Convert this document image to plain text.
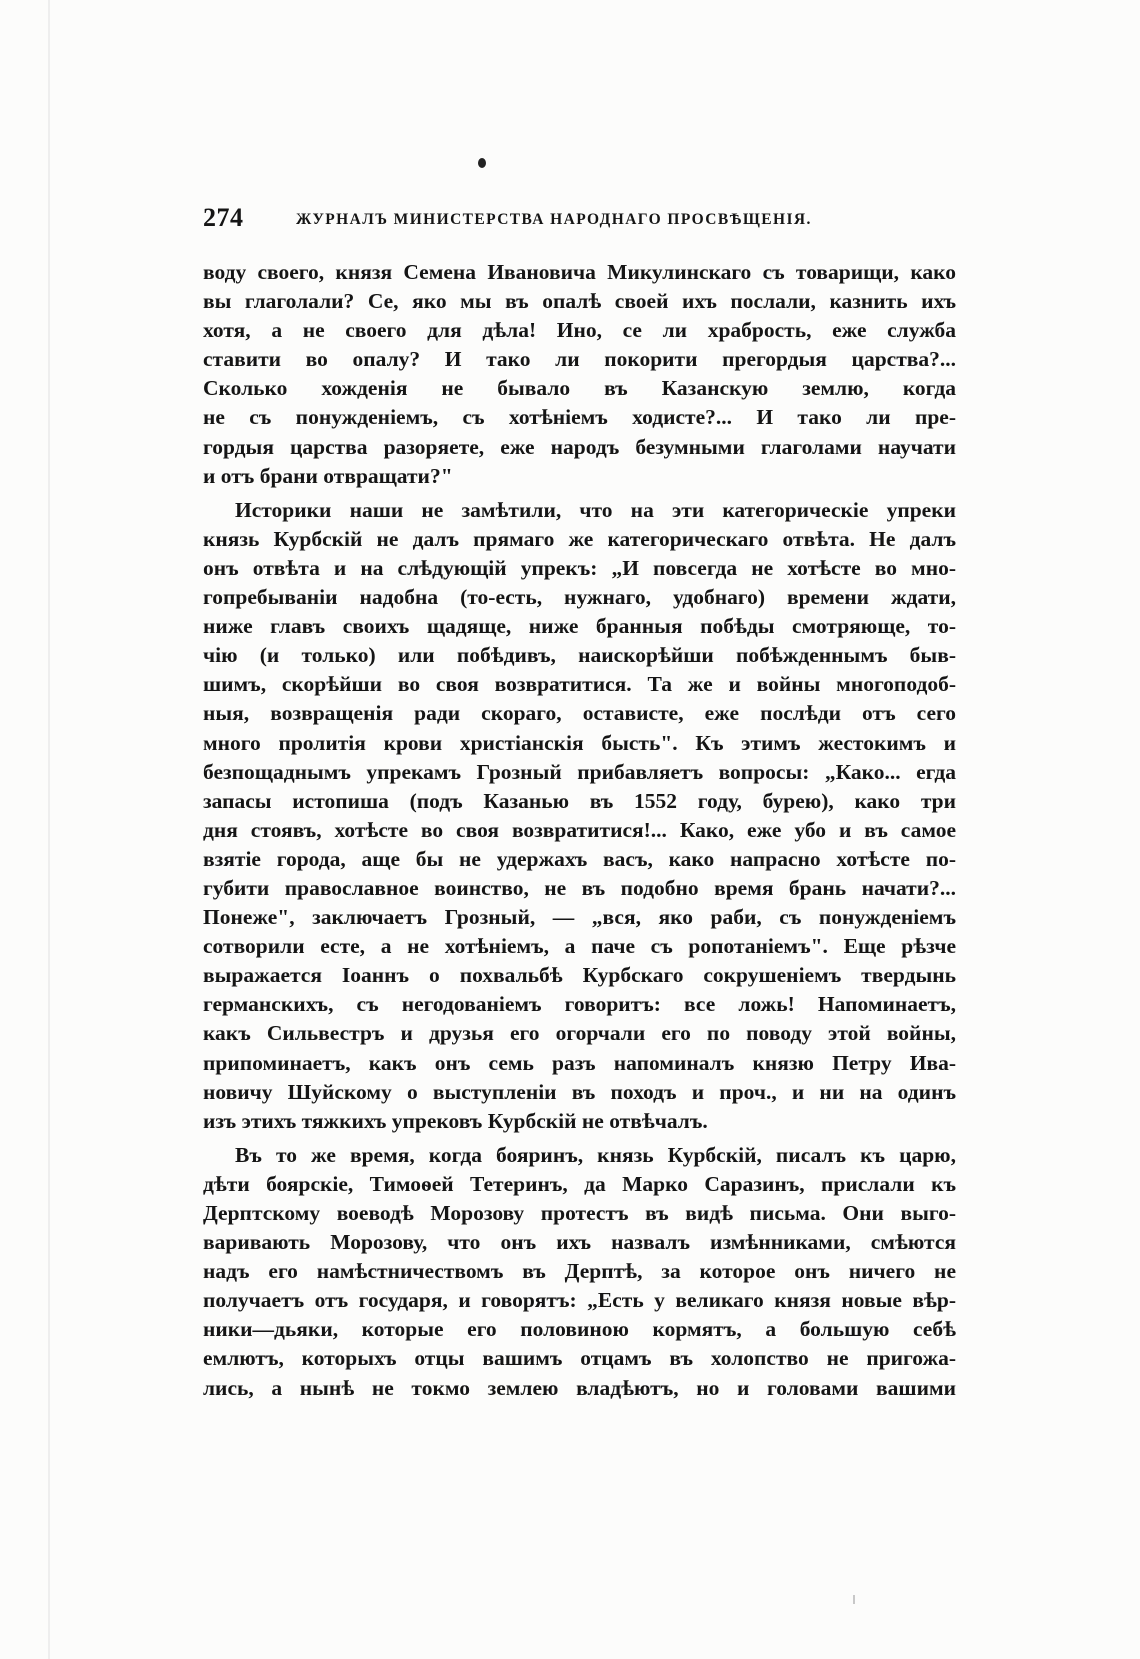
274	ЖУРНАЛЪ МИНИСТЕРСТВА НАРОДНАГО ПРОСВѢЩЕНІЯ.
воду своего, князя Семена Ивановича Микулинскаго съ товарищи, како
вы глаголали? Се, яко мы въ опалѣ своей ихъ послали, казнить ихъ
хотя, а не своего для дѣла! Ино, се ли храбрость, еже служба
ставити во опалу? И тако ли покорити прегордыя царства?...
Сколько хожденія не бывало въ Казанскую землю, когда
не съ понужденіемъ, съ хотѣніемъ ходисте?... И тако ли пре-
гордыя царства разоряете, еже народъ безумными глаголами научати
и отъ брани отвращати?"
Историки наши не замѣтили, что на эти категорическіе упреки
князь Курбскій не далъ прямаго же категорическаго отвѣта. Не далъ
онъ отвѣта и на слѣдующій упрекъ: „И повсегда не хотѣсте во мно-
гопребываніи надобна (то-есть, нужнаго, удобнаго) времени ждати,
ниже главъ своихъ щадяще, ниже бранныя побѣды смотряюще, то-
чію (и только) или побѣдивъ, наискорѣйши побѣжденнымъ быв-
шимъ, скорѣйши во своя возвратитися. Та же и войны многоподоб-
ныя, возвращенія ради скораго, остависте, еже послѣди отъ сего
много пролитія крови христіанскія бысть". Къ этимъ жестокимъ и
безпощаднымъ упрекамъ Грозный прибавляетъ вопросы: „Како... егда
запасы истопиша (подъ Казанью въ 1552 году, бурею), како три
дня стоявъ, хотѣсте во своя возвратитися!... Како, еже убо и въ самое
взятіе города, аще бы не удержахъ васъ, како напрасно хотѣсте по-
губити православное воинство, не въ подобно время брань начати?...
Понеже", заключаетъ Грозный, — „вся, яко раби, съ понужденіемъ
сотворили есте, а не хотѣніемъ, а паче съ ропотаніемъ". Еще рѣзче
выражается Іоаннъ о похвальбѣ Курбскаго сокрушеніемъ твердынь
германскихъ, съ негодованіемъ говоритъ: все ложь! Напоминаетъ,
какъ Сильвестръ и друзья его огорчали его по поводу этой войны,
припоминаетъ, какъ онъ семь разъ напоминалъ князю Петру Ива-
новичу Шуйскому о выступленіи въ походъ и проч., и ни на одинъ
изъ этихъ тяжкихъ упрековъ Курбскій не отвѣчалъ.
Въ то же время, когда бояринъ, князь Курбскій, писалъ къ царю,
дѣти боярскіе, Тимоѳей Тетеринъ, да Марко Саразинъ, прислали къ
Дерптскому воеводѣ Морозову протестъ въ видѣ письма. Они выго-
варивають Морозову, что онъ ихъ назвалъ измѣнниками, смѣются
надъ его намѣстничествомъ въ Дерптѣ, за которое онъ ничего не
получаетъ отъ государя, и говорятъ: „Есть у великаго князя новые вѣр-
ники—дьяки, которые его половиною кормятъ, а большую себѣ
емлютъ, которыхъ отцы вашимъ отцамъ въ холопство не пригожа-
лись, а нынѣ не токмо землею владѣютъ, но и головами вашими
